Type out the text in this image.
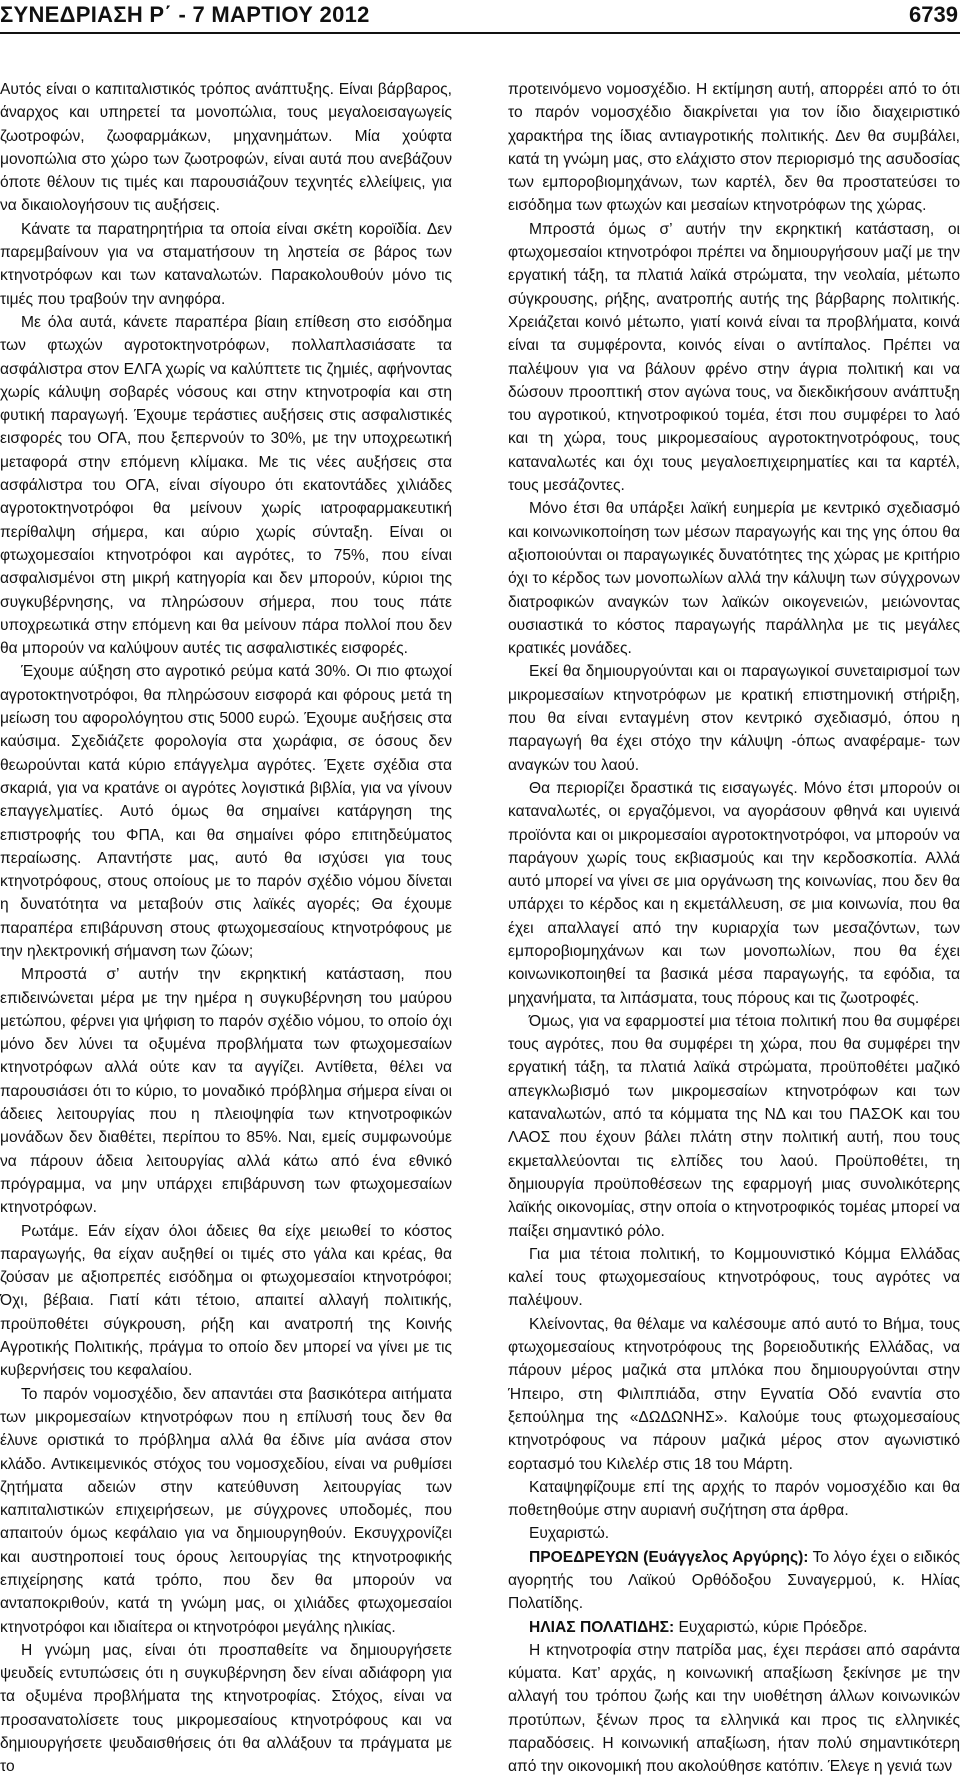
ΣΥΝΕΔΡΙΑΣΗ Ρ΄ - 7 ΜΑΡΤΙΟΥ 2012	6739

Αυτός είναι ο καπιταλιστικός τρόπος ανάπτυξης. Είναι βάρβαρος, άναρχος και υπηρετεί τα μονοπώλια, τους μεγαλοεισαγωγείς ζωοτροφών, ζωοφαρμάκων, μηχανημάτων. Μία χούφτα μονοπώλια στο χώρο των ζωοτροφών, είναι αυτά που ανεβάζουν όποτε θέλουν τις τιμές και παρουσιάζουν τεχνητές ελλείψεις, για να δικαιολογήσουν τις αυξήσεις.

Κάνατε τα παρατηρητήρια τα οποία είναι σκέτη κοροϊδία. Δεν παρεμβαίνουν για να σταματήσουν τη ληστεία σε βάρος των κτηνοτρόφων και των καταναλωτών. Παρακολουθούν μόνο τις τιμές που τραβούν την ανηφόρα.

Με όλα αυτά, κάνετε παραπέρα βίαιη επίθεση στο εισόδημα των φτωχών αγροτοκτηνοτρόφων, πολλαπλασιάσατε τα ασφάλιστρα στον ΕΛΓΑ χωρίς να καλύπτετε τις ζημιές, αφήνοντας χωρίς κάλυψη σοβαρές νόσους και στην κτηνοτροφία και στη φυτική παραγωγή. Έχουμε τεράστιες αυξήσεις στις ασφαλιστικές εισφορές του ΟΓΑ, που ξεπερνούν το 30%, με την υποχρεωτική μεταφορά στην επόμενη κλίμακα. Με τις νέες αυξήσεις στα ασφάλιστρα του ΟΓΑ, είναι σίγουρο ότι εκατοντάδες χιλιάδες αγροτοκτηνοτρόφοι θα μείνουν χωρίς ιατροφαρμακευτική περίθαλψη σήμερα, και αύριο χωρίς σύνταξη. Είναι οι φτωχομεσαίοι κτηνοτρόφοι και αγρότες, το 75%, που είναι ασφαλισμένοι στη μικρή κατηγορία και δεν μπορούν, κύριοι της συγκυβέρνησης, να πληρώσουν σήμερα, που τους πάτε υποχρεωτικά στην επόμενη και θα μείνουν πάρα πολλοί που δεν θα μπορούν να καλύψουν αυτές τις ασφαλιστικές εισφορές.

Έχουμε αύξηση στο αγροτικό ρεύμα κατά 30%. Οι πιο φτωχοί αγροτοκτηνοτρόφοι, θα πληρώσουν εισφορά και φόρους μετά τη μείωση του αφορολόγητου στις 5000 ευρώ. Έχουμε αυξήσεις στα καύσιμα. Σχεδιάζετε φορολογία στα χωράφια, σε όσους δεν θεωρούνται κατά κύριο επάγγελμα αγρότες. Έχετε σχέδια στα σκαριά, για να κρατάνε οι αγρότες λογιστικά βιβλία, για να γίνουν επαγγελματίες. Αυτό όμως θα σημαίνει κατάργηση της επιστροφής του ΦΠΑ, και θα σημαίνει φόρο επιτηδεύματος περαίωσης. Απαντήστε μας, αυτό θα ισχύσει για τους κτηνοτρόφους, στους οποίους με το παρόν σχέδιο νόμου δίνεται η δυνατότητα να μεταβούν στις λαϊκές αγορές; Θα έχουμε παραπέρα επιβάρυνση στους φτωχομεσαίους κτηνοτρόφους με την ηλεκτρονική σήμανση των ζώων;

Μπροστά σ’ αυτήν την εκρηκτική κατάσταση, που επιδεινώνεται μέρα με την ημέρα η συγκυβέρνηση του μαύρου μετώπου, φέρνει για ψήφιση το παρόν σχέδιο νόμου, το οποίο όχι μόνο δεν λύνει τα οξυμένα προβλήματα των φτωχομεσαίων κτηνοτρόφων αλλά ούτε καν τα αγγίζει. Αντίθετα, θέλει να παρουσιάσει ότι το κύριο, το μοναδικό πρόβλημα σήμερα είναι οι άδειες λειτουργίας που η πλειοψηφία των κτηνοτροφικών μονάδων δεν διαθέτει, περίπου το 85%. Ναι, εμείς συμφωνούμε να πάρουν άδεια λειτουργίας αλλά κάτω από ένα εθνικό πρόγραμμα, να μην υπάρχει επιβάρυνση των φτωχομεσαίων κτηνοτρόφων.

Ρωτάμε. Εάν είχαν όλοι άδειες θα είχε μειωθεί το κόστος παραγωγής, θα είχαν αυξηθεί οι τιμές στο γάλα και κρέας, θα ζούσαν με αξιοπρεπές εισόδημα οι φτωχομεσαίοι κτηνοτρόφοι; Όχι, βέβαια. Γιατί κάτι τέτοιο, απαιτεί αλλαγή πολιτικής, προϋποθέτει σύγκρουση, ρήξη και ανατροπή της Κοινής Αγροτικής Πολιτικής, πράγμα το οποίο δεν μπορεί να γίνει με τις κυβερνήσεις του κεφαλαίου.

Το παρόν νομοσχέδιο, δεν απαντάει στα βασικότερα αιτήματα των μικρομεσαίων κτηνοτρόφων που η επίλυσή τους δεν θα έλυνε οριστικά το πρόβλημα αλλά θα έδινε μία ανάσα στον κλάδο. Αντικειμενικός στόχος του νομοσχεδίου, είναι να ρυθμίσει ζητήματα αδειών στην κατεύθυνση λειτουργίας των καπιταλιστικών επιχειρήσεων, με σύγχρονες υποδομές, που απαιτούν όμως κεφάλαιο για να δημιουργηθούν. Εκσυγχρονίζει και αυστηροποιεί τους όρους λειτουργίας της κτηνοτροφικής επιχείρησης κατά τρόπο, που δεν θα μπορούν να ανταποκριθούν, κατά τη γνώμη μας, οι χιλιάδες φτωχομεσαίοι κτηνοτρόφοι και ιδιαίτερα οι κτηνοτρόφοι μεγάλης ηλικίας.

Η γνώμη μας, είναι ότι προσπαθείτε να δημιουργήσετε ψευδείς εντυπώσεις ότι η συγκυβέρνηση δεν είναι αδιάφορη για τα οξυμένα προβλήματα της κτηνοτροφίας. Στόχος, είναι να προσανατολίσετε τους μικρομεσαίους κτηνοτρόφους και να δημιουργήσετε ψευδαισθήσεις ότι θα αλλάξουν τα πράγματα με το

προτεινόμενο νομοσχέδιο. Η εκτίμηση αυτή, απορρέει από το ότι το παρόν νομοσχέδιο διακρίνεται για τον ίδιο διαχειριστικό χαρακτήρα της ίδιας αντιαγροτικής πολιτικής. Δεν θα συμβάλει, κατά τη γνώμη μας, στο ελάχιστο στον περιορισμό της ασυδοσίας των εμποροβιομηχάνων, των καρτέλ, δεν θα προστατεύσει το εισόδημα των φτωχών και μεσαίων κτηνοτρόφων της χώρας.

Μπροστά όμως σ’ αυτήν την εκρηκτική κατάσταση, οι φτωχομεσαίοι κτηνοτρόφοι πρέπει να δημιουργήσουν μαζί με την εργατική τάξη, τα πλατιά λαϊκά στρώματα, την νεολαία, μέτωπο σύγκρουσης, ρήξης, ανατροπής αυτής της βάρβαρης πολιτικής. Χρειάζεται κοινό μέτωπο, γιατί κοινά είναι τα προβλήματα, κοινά είναι τα συμφέροντα, κοινός είναι ο αντίπαλος. Πρέπει να παλέψουν για να βάλουν φρένο στην άγρια πολιτική και να δώσουν προοπτική στον αγώνα τους, να διεκδικήσουν ανάπτυξη του αγροτικού, κτηνοτροφικού τομέα, έτσι που συμφέρει το λαό και τη χώρα, τους μικρομεσαίους αγροτοκτηνοτρόφους, τους καταναλωτές και όχι τους μεγαλοεπιχειρηματίες και τα καρτέλ, τους μεσάζοντες.

Μόνο έτσι θα υπάρξει λαϊκή ευημερία με κεντρικό σχεδιασμό και κοινωνικοποίηση των μέσων παραγωγής και της γης όπου θα αξιοποιούνται οι παραγωγικές δυνατότητες της χώρας με κριτήριο όχι το κέρδος των μονοπωλίων αλλά την κάλυψη των σύγχρονων διατροφικών αναγκών των λαϊκών οικογενειών, μειώνοντας ουσιαστικά το κόστος παραγωγής παράλληλα με τις μεγάλες κρατικές μονάδες.

Εκεί θα δημιουργούνται και οι παραγωγικοί συνεταιρισμοί των μικρομεσαίων κτηνοτρόφων με κρατική επιστημονική στήριξη, που θα είναι ενταγμένη στον κεντρικό σχεδιασμό, όπου η παραγωγή θα έχει στόχο την κάλυψη -όπως αναφέραμε- των αναγκών του λαού.

Θα περιορίζει δραστικά τις εισαγωγές. Μόνο έτσι μπορούν οι καταναλωτές, οι εργαζόμενοι, να αγοράσουν φθηνά και υγιεινά προϊόντα και οι μικρομεσαίοι αγροτοκτηνοτρόφοι, να μπορούν να παράγουν χωρίς τους εκβιασμούς και την κερδοσκοπία. Αλλά αυτό μπορεί να γίνει σε μια οργάνωση της κοινωνίας, που δεν θα υπάρχει το κέρδος και η εκμετάλλευση, σε μια κοινωνία, που θα έχει απαλλαγεί από την κυριαρχία των μεσαζόντων, των εμποροβιομηχάνων και των μονοπωλίων, που θα έχει κοινωνικοποιηθεί τα βασικά μέσα παραγωγής, τα εφόδια, τα μηχανήματα, τα λιπάσματα, τους πόρους και τις ζωοτροφές.

Όμως, για να εφαρμοστεί μια τέτοια πολιτική που θα συμφέρει τους αγρότες, που θα συμφέρει τη χώρα, που θα συμφέρει την εργατική τάξη, τα πλατιά λαϊκά στρώματα, προϋποθέτει μαζικό απεγκλωβισμό των μικρομεσαίων κτηνοτρόφων και των καταναλωτών, από τα κόμματα της ΝΔ και του ΠΑΣΟΚ και του ΛΑΟΣ που έχουν βάλει πλάτη στην πολιτική αυτή, που τους εκμεταλλεύονται τις ελπίδες του λαού. Προϋποθέτει, τη δημιουργία προϋποθέσεων της εφαρμογή μιας συνολικότερης λαϊκής οικονομίας, στην οποία ο κτηνοτροφικός τομέας μπορεί να παίξει σημαντικό ρόλο.

Για μια τέτοια πολιτική, το Κομμουνιστικό Κόμμα Ελλάδας καλεί τους φτωχομεσαίους κτηνοτρόφους, τους αγρότες να παλέψουν.

Κλείνοντας, θα θέλαμε να καλέσουμε από αυτό το Βήμα, τους φτωχομεσαίους κτηνοτρόφους της βορειοδυτικής Ελλάδας, να πάρουν μέρος μαζικά στα μπλόκα που δημιουργούνται στην Ήπειρο, στη Φιλιππιάδα, στην Εγνατία Οδό εναντία στο ξεπούλημα της «ΔΩΔΩΝΗΣ». Καλούμε τους φτωχομεσαίους κτηνοτρόφους να πάρουν μαζικά μέρος στον αγωνιστικό εορτασμό του Κιλελέρ στις 18 του Μάρτη.

Καταψηφίζουμε επί της αρχής το παρόν νομοσχέδιο και θα ποθετηθούμε στην αυριανή συζήτηση στα άρθρα.

Ευχαριστώ.

ΠΡΟΕΔΡΕΥΩΝ (Ευάγγελος Αργύρης): Το λόγο έχει ο ειδικός αγορητής του Λαϊκού Ορθόδοξου Συναγερμού, κ. Ηλίας Πολατίδης.

ΗΛΙΑΣ ΠΟΛΑΤΙΔΗΣ: Ευχαριστώ, κύριε Πρόεδρε.

Η κτηνοτροφία στην πατρίδα μας, έχει περάσει από σαράντα κύματα. Κατ’ αρχάς, η κοινωνική απαξίωση ξεκίνησε με την αλλαγή του τρόπου ζωής και την υιοθέτηση άλλων κοινωνικών προτύπων, ξένων προς τα ελληνικά και προς τις ελληνικές παραδόσεις. Η κοινωνική απαξίωση, ήταν πολύ σημαντικότερη από την οικονομική που ακολούθησε κατόπιν. Έλεγε η γενιά των
